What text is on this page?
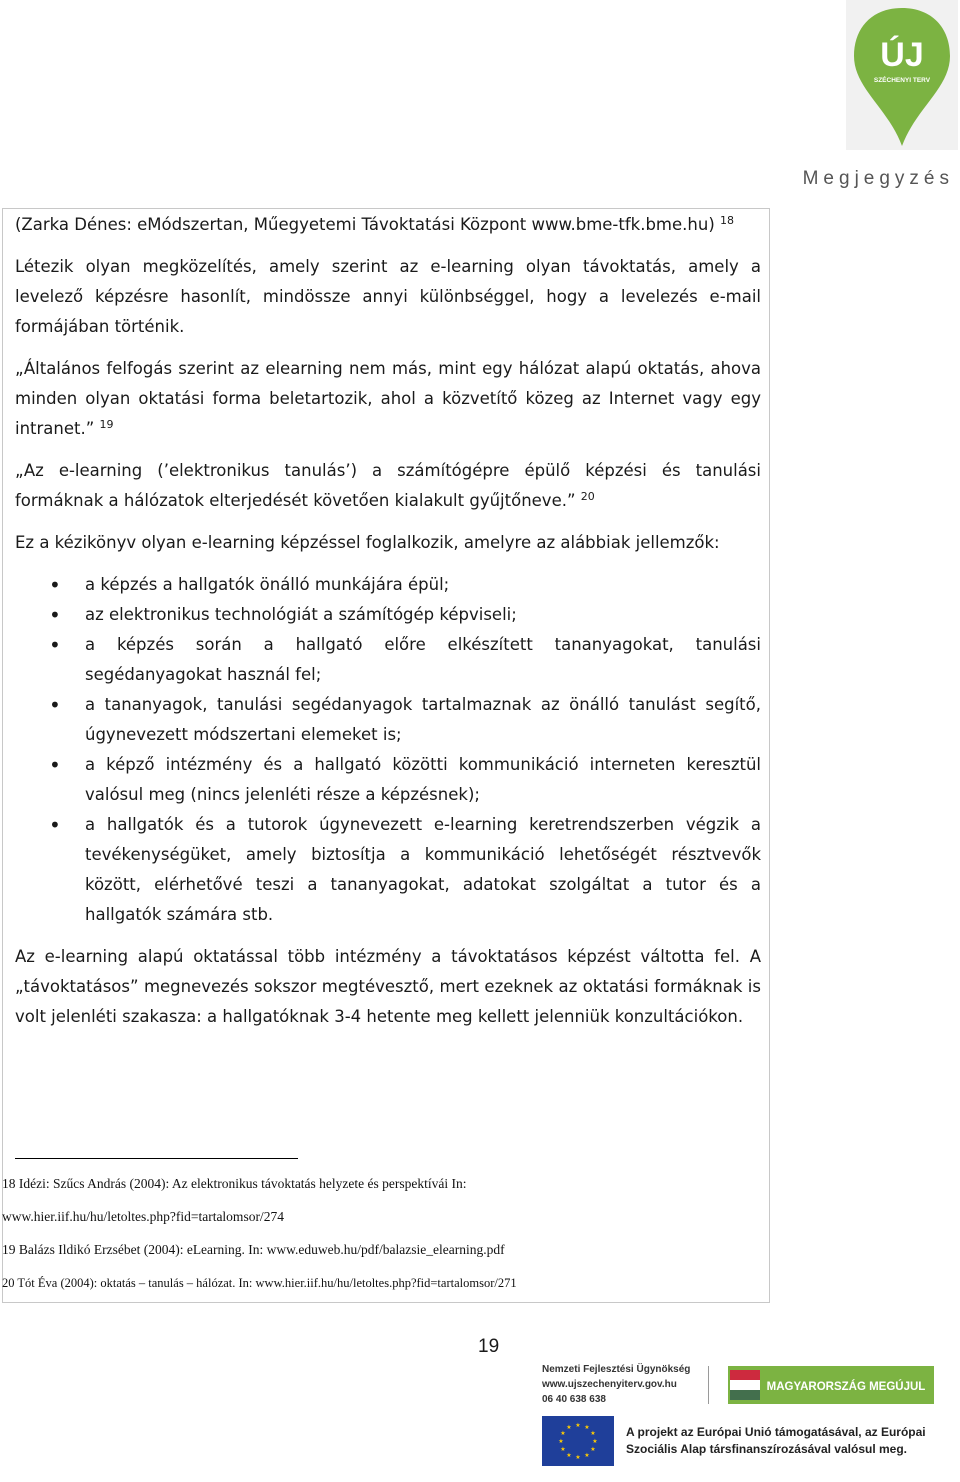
ÚJ
SZÉCHENYI TERV
Megjegyzés

(Zarka Dénes: eMódszertan, Műegyetemi Távoktatási Központ www.bme-tfk.bme.hu) $^{18}$

Létezik olyan megközelítés, amely szerint az e-learning olyan távoktatás, amely a levelező képzésre hasonlít, mindössze annyi különbséggel, hogy a levelezés e-mail formájában történik.

„Általános felfogás szerint az elearning nem más, mint egy hálózat alapú oktatás, ahova minden olyan oktatási forma beletartozik, ahol a közvetítő közeg az Internet vagy egy intranet.” $^{19}$

„Az e-learning (’elektronikus tanulás’) a számítógépre épülő képzési és tanulási formáknak a hálózatok elterjedését követően kialakult gyűjtőneve.” $^{20}$

Ez a kézikönyv olyan e-learning képzéssel foglalkozik, amelyre az alábbiak jellemzők:

• a képzés a hallgatók önálló munkájára épül;
• az elektronikus technológiát a számítógép képviseli;
• a képzés során a hallgató előre elkészített tananyagokat, tanulási segédanyagokat használ fel;
• a tananyagok, tanulási segédanyagok tartalmaznak az önálló tanulást segítő, úgynevezett módszertani elemeket is;
• a képző intézmény és a hallgató közötti kommunikáció interneten keresztül valósul meg (nincs jelenléti része a képzésnek);
• a hallgatók és a tutorok úgynevezett e-learning keretrendszerben végzik a tevékenységüket, amely biztosítja a kommunikáció lehetőségét résztvevők között, elérhetővé teszi a tananyagokat, adatokat szolgáltat a tutor és a hallgatók számára stb.

Az e-learning alapú oktatással több intézmény a távoktatásos képzést váltotta fel. A „távoktatásos” megnevezés sokszor megtévesztő, mert ezeknek az oktatási formáknak is volt jelenléti szakasza: a hallgatóknak 3-4 hetente meg kellett jelenniük konzultációkon.

18 Idézi: Szűcs András (2004): Az elektronikus távoktatás helyzete és perspektívái In:
www.hier.iif.hu/hu/letoltes.php?fid=tartalomsor/274
19 Balázs Ildikó Erzsébet (2004): eLearning. In: www.eduweb.hu/pdf/balazsie_elearning.pdf
20 Tót Éva (2004): oktatás – tanulás – hálózat. In: www.hier.iif.hu/hu/letoltes.php?fid=tartalomsor/271
19
Nemzeti Fejlesztési Ügynökség
www.ujszechenyiterv.gov.hu
06 40 638 638
MAGYARORSZÁG MEGÚJUL
★ ★
★
★
★
★
★
★
★
★
★
★	A projekt az Európai Unió támogatásával, az Európai
Szociális Alap társfinanszírozásával valósul meg.
